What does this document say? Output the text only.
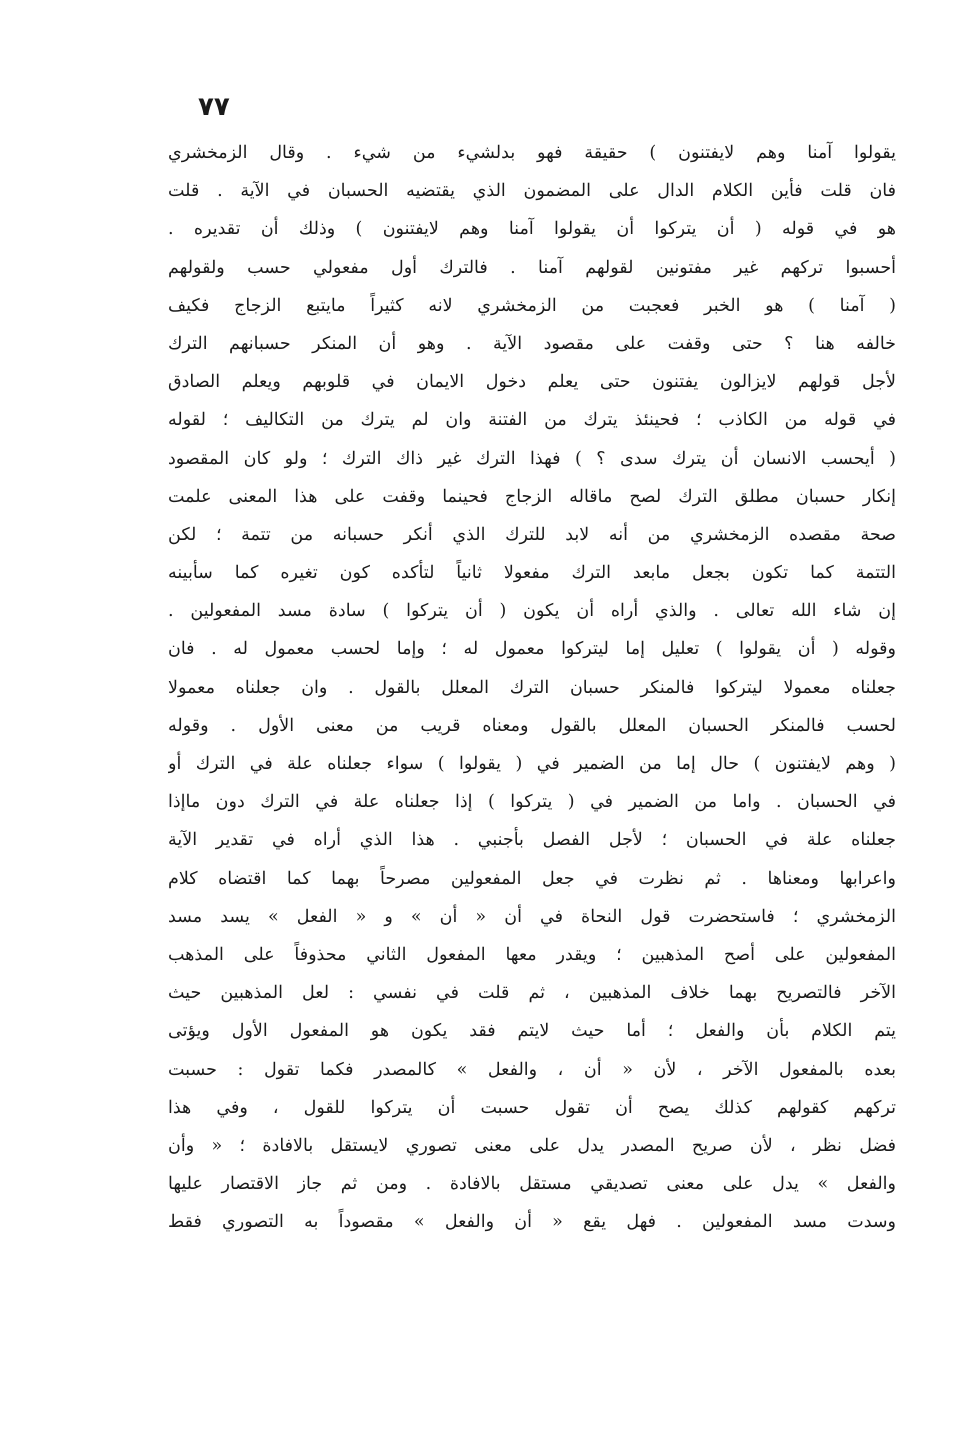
٧٧
يقولوا آمنا وهم لايفتنون ) حقيقة فهو بدلشيء من شيء . وقال الزمخشري
فان قلت فأين الكلام الدال على المضمون الذي يقتضيه الحسبان في الآية . قلت
هو في قوله ( أن يتركوا أن يقولوا آمنا وهم لايفتنون ) وذلك أن تقديره .
أحسبوا تركهم غير مفتونين لقولهم آمنا . فالترك أول مفعولي حسب ولقولهم
( آمنا ) هو الخبر فعجبت من الزمخشري لانه كثيراً مايتبع الزجاج فكيف
خالفه هنا ؟ حتى وقفت على مقصود الآية . وهو أن المنكر حسبانهم الترك
لأجل قولهم لايزالون يفتنون حتى يعلم دخول الايمان في قلوبهم ويعلم الصادق
في قوله من الكاذب ؛ فحينئذ يترك من الفتنة وان لم يترك من التكاليف ؛ لقوله
( أيحسب الانسان أن يترك سدى ؟ ) فهذا الترك غير ذاك الترك ؛ ولو كان المقصود
إنكار حسبان مطلق الترك لصح ماقاله الزجاج فحينما وقفت على هذا المعنى علمت
صحة مقصده الزمخشري من أنه لابد للترك الذي أنكر حسبانه من تتمة ؛ لكن
التتمة كما تكون بجعل مابعد الترك مفعولا ثانياً لتأكده كون تغيره كما سأبينه
إن شاء الله تعالى . والذي أراه أن يكون ( أن يتركوا ) سادة مسد المفعولين .
وقوله ( أن يقولوا ) تعليل إما ليتركوا معمول له ؛ وإما لحسب معمول له . فان
جعلناه معمولا ليتركوا فالمنكر حسبان الترك المعلل بالقول . وان جعلناه معمولا
لحسب فالمنكر الحسبان المعلل بالقول ومعناه قريب من معنى الأول . وقوله
( وهم لايفتنون ) حال إما من الضمير في ( يقولوا ) سواء جعلناه علة في الترك أو
في الحسبان . واما من الضمير في ( يتركوا ) إذا جعلناه علة في الترك دون ماإذا
جعلناه علة في الحسبان ؛ لأجل الفصل بأجنبي . هذا الذي أراه في تقدير الآية
واعرابها ومعناها . ثم نظرت في جعل المفعولين مصرحاً بهما كما اقتضاه كلام
الزمخشري ؛ فاستحضرت قول النحاة في أن « أن » و « الفعل » يسد مسد
المفعولين على أصح المذهبين ؛ ويقدر معها المفعول الثاني محذوفاً على المذهب
الآخر فالتصريح بهما خلاف المذهبين ، ثم قلت في نفسي : لعل المذهبين حيث
يتم الكلام بأن والفعل ؛ أما حيث لايتم فقد يكون هو المفعول الأول ويؤتى
بعده بالمفعول الآخر ، لأن « أن ، والفعل » كالمصدر فكما تقول : حسبت
تركهم كقولهم كذلك يصح أن تقول حسبت أن يتركوا للقول ، وفي هذا
فضل نظر ، لأن صريح المصدر يدل على معنى تصوري لايستقل بالافادة ؛ « وأن
والفعل » يدل على معنى تصديقي مستقل بالافادة . ومن ثم جاز الاقتصار عليها
وسدت مسد المفعولين . فهل يقع « أن والفعل » مقصوداً به التصوري فقط
